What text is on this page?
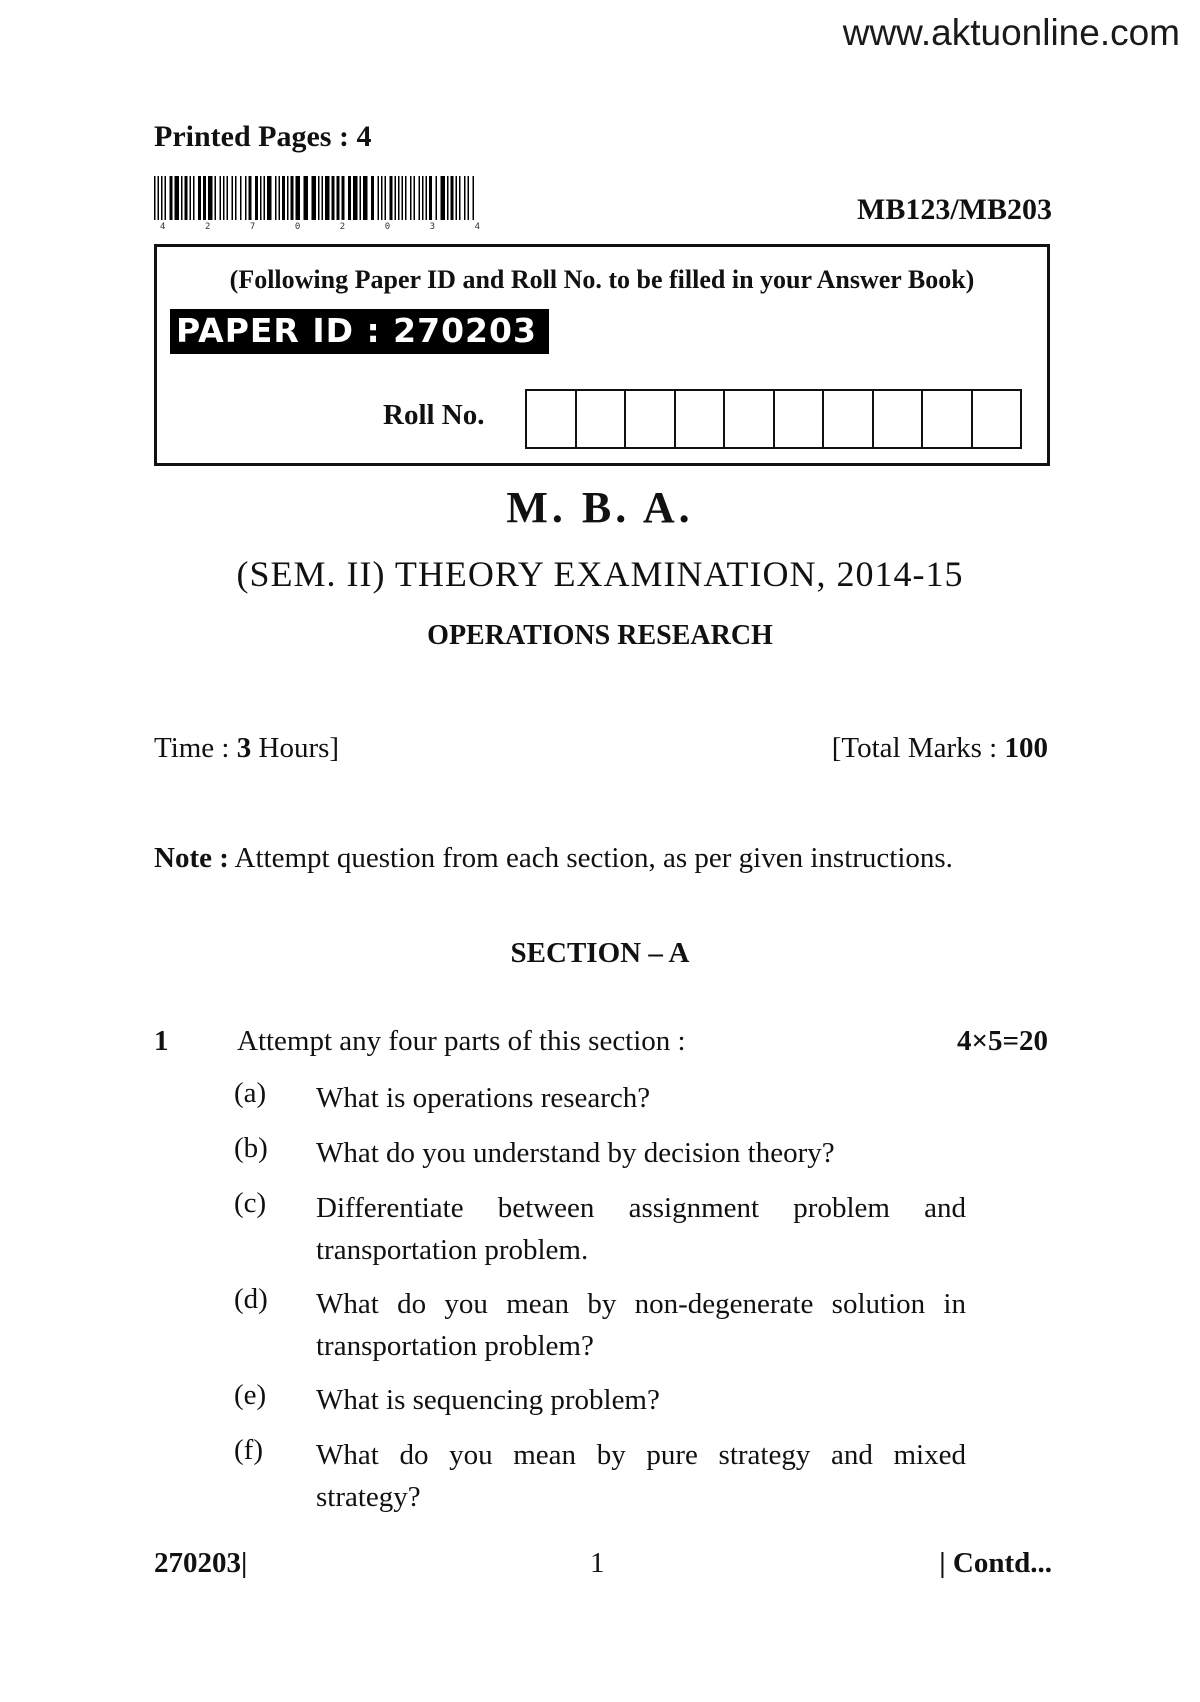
www.aktuonline.com
Printed Pages : 4
4	2	7	0	2	0	3	4
MB123/MB203
(Following Paper ID and Roll No. to be filled in your Answer Book)
PAPER ID : 270203
Roll No.
M. B. A.
(SEM. II) THEORY EXAMINATION, 2014-15
OPERATIONS RESEARCH
Time : 3 Hours]	[Total Marks : 100
Note : Attempt question from each section, as per given instructions.
SECTION – A
1 Attempt any four parts of this section :	4×5=20
(a) What is operations research?
(b) What do you understand by decision theory?
(c) Differentiate between assignment problem and transportation problem.
(d) What do you mean by non-degenerate solution in transportation problem?
(e) What is sequencing problem?
(f) What do you mean by pure strategy and mixed strategy?
270203|	1	| Contd...
